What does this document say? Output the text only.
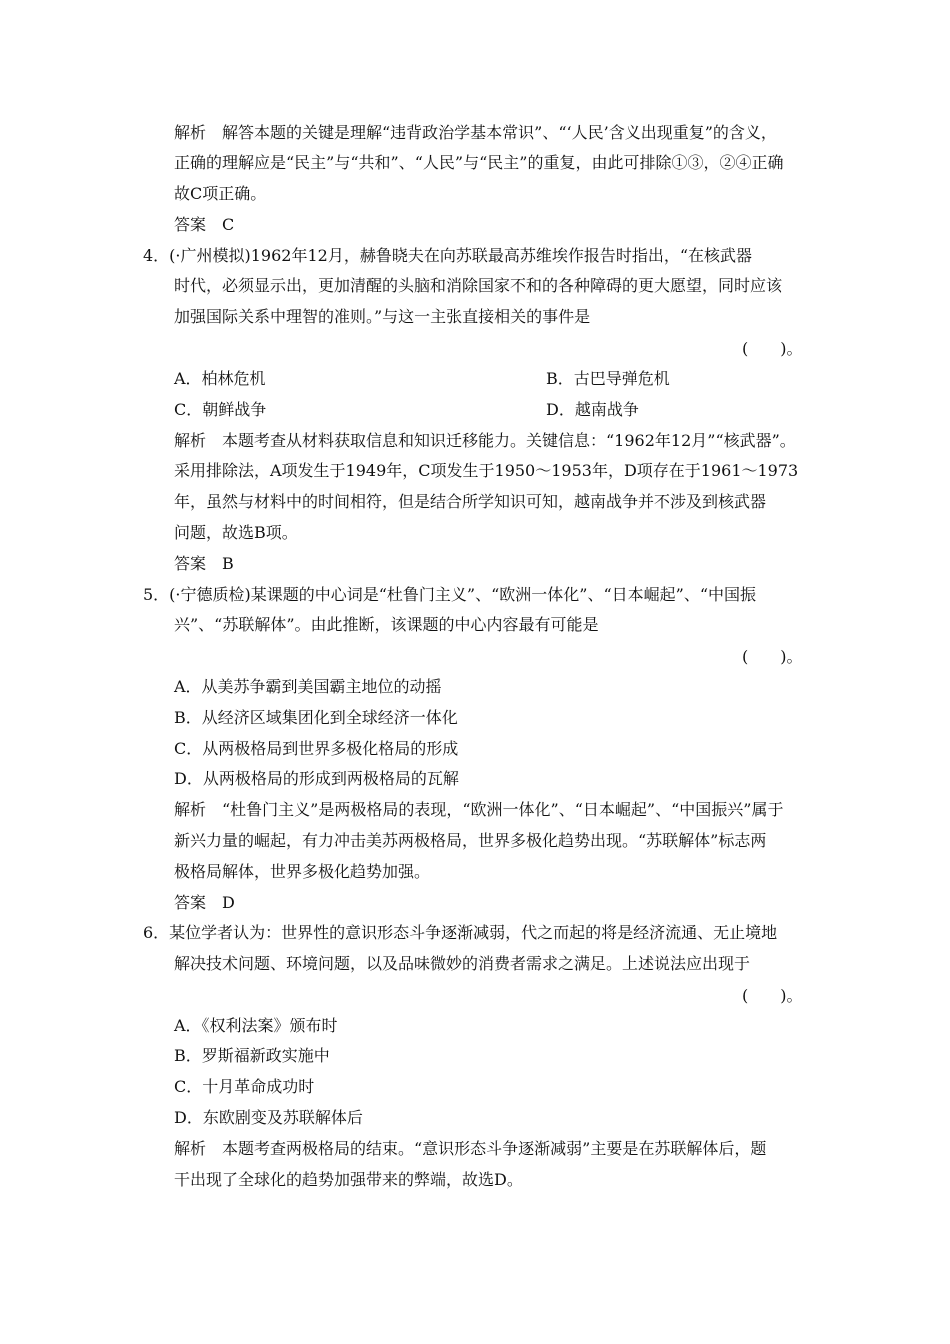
解析　解答本题的关键是理解“违背政治学基本常识”、“‘人民’含义出现重复”的含义，
正确的理解应是“民主”与“共和”、“人民”与“民主”的重复，由此可排除①③，②④正确
故C项正确。
答案　C
4．(·广州模拟)1962年12月，赫鲁晓夫在向苏联最高苏维埃作报告时指出，“在核武器
时代，必须显示出，更加清醒的头脑和消除国家不和的各种障碍的更大愿望，同时应该
加强国际关系中理智的准则。”与这一主张直接相关的事件是
(　　)。
A．柏林危机	B．古巴导弹危机
C．朝鲜战争	D．越南战争
解析　本题考查从材料获取信息和知识迁移能力。关键信息：“1962年12月”“核武器”。
采用排除法，A项发生于1949年，C项发生于1950～1953年，D项存在于1961～1973
年，虽然与材料中的时间相符，但是结合所学知识可知，越南战争并不涉及到核武器
问题，故选B项。
答案　B
5．(·宁德质检)某课题的中心词是“杜鲁门主义”、“欧洲一体化”、“日本崛起”、“中国振
兴”、“苏联解体”。由此推断，该课题的中心内容最有可能是
(　　)。
A．从美苏争霸到美国霸主地位的动摇
B．从经济区域集团化到全球经济一体化
C．从两极格局到世界多极化格局的形成
D．从两极格局的形成到两极格局的瓦解
解析　“杜鲁门主义”是两极格局的表现，“欧洲一体化”、“日本崛起”、“中国振兴”属于
新兴力量的崛起，有力冲击美苏两极格局，世界多极化趋势出现。“苏联解体”标志两
极格局解体，世界多极化趋势加强。
答案　D
6．某位学者认为：世界性的意识形态斗争逐渐减弱，代之而起的将是经济流通、无止境地
解决技术问题、环境问题，以及品味微妙的消费者需求之满足。上述说法应出现于
(　　)。
A．《权利法案》颁布时
B．罗斯福新政实施中
C．十月革命成功时
D．东欧剧变及苏联解体后
解析　本题考查两极格局的结束。“意识形态斗争逐渐减弱”主要是在苏联解体后，题
干出现了全球化的趋势加强带来的弊端，故选D。
